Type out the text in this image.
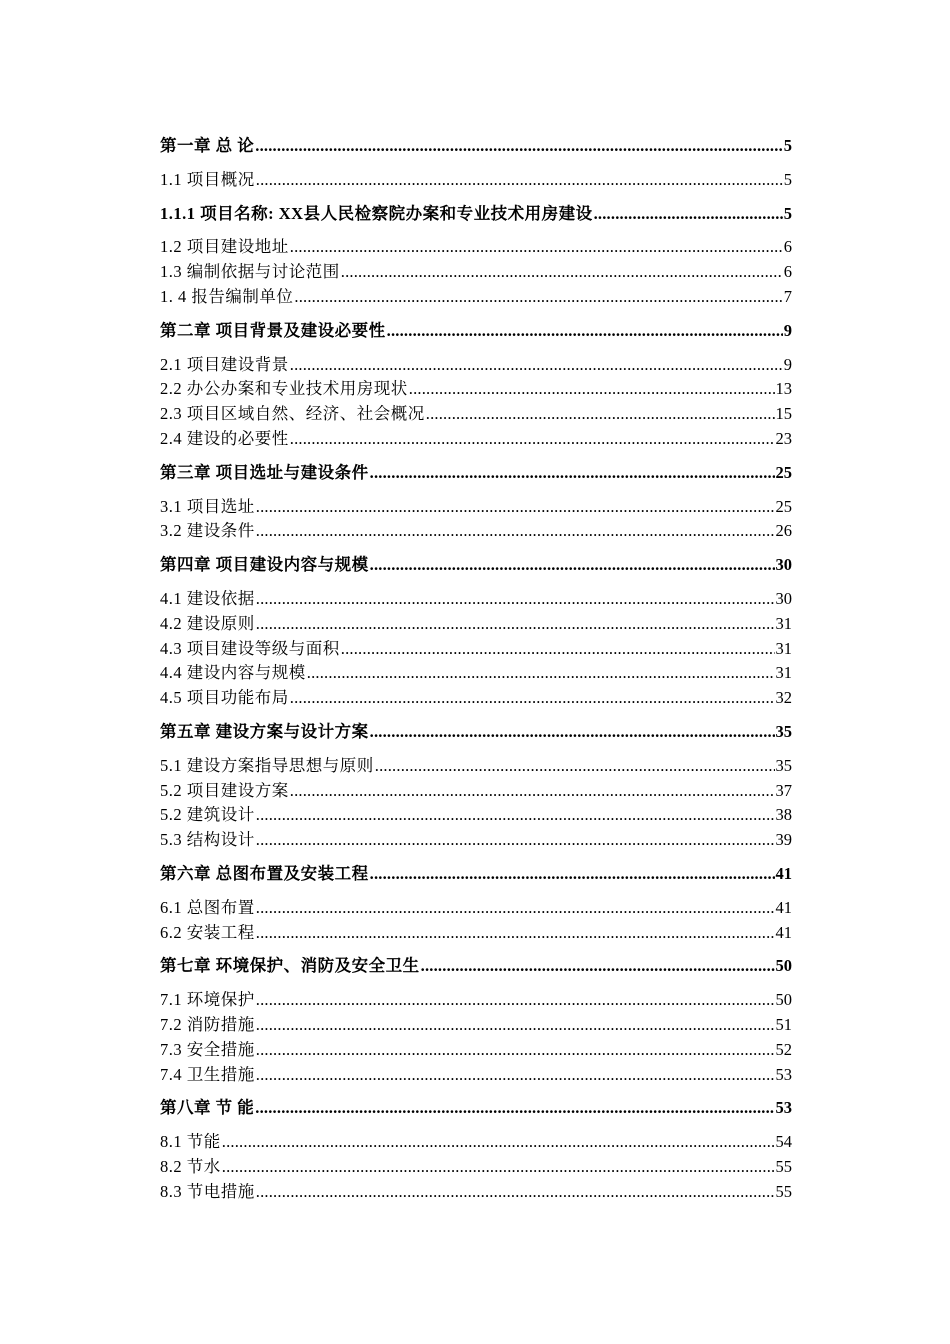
第一章 总 论 .....	5
1.1 项目概况 .....	5
1.1.1 项目名称: XX县人民检察院办案和专业技术用房建设 .....	5
1.2 项目建设地址 .....	6
1.3 编制依据与讨论范围 .....	6
1. 4 报告编制单位 .....	7
第二章 项目背景及建设必要性 .....	9
2.1 项目建设背景 .....	9
2.2 办公办案和专业技术用房现状 .....	13
2.3 项目区域自然、经济、社会概况 .....	15
2.4 建设的必要性 .....	23
第三章 项目选址与建设条件 .....	25
3.1 项目选址 .....	25
3.2 建设条件 .....	26
第四章 项目建设内容与规模 .....	30
4.1 建设依据 .....	30
4.2 建设原则 .....	31
4.3 项目建设等级与面积 .....	31
4.4 建设内容与规模 .....	31
4.5 项目功能布局 .....	32
第五章 建设方案与设计方案 .....	35
5.1 建设方案指导思想与原则 .....	35
5.2 项目建设方案 .....	37
5.2 建筑设计 .....	38
5.3 结构设计 .....	39
第六章 总图布置及安装工程 .....	41
6.1 总图布置 .....	41
6.2 安装工程 .....	41
第七章 环境保护、消防及安全卫生 .....	50
7.1 环境保护 .....	50
7.2 消防措施 .....	51
7.3 安全措施 .....	52
7.4 卫生措施 .....	53
第八章 节 能 .....	53
8.1 节能 .....	54
8.2 节水 .....	55
8.3 节电措施 .....	55
